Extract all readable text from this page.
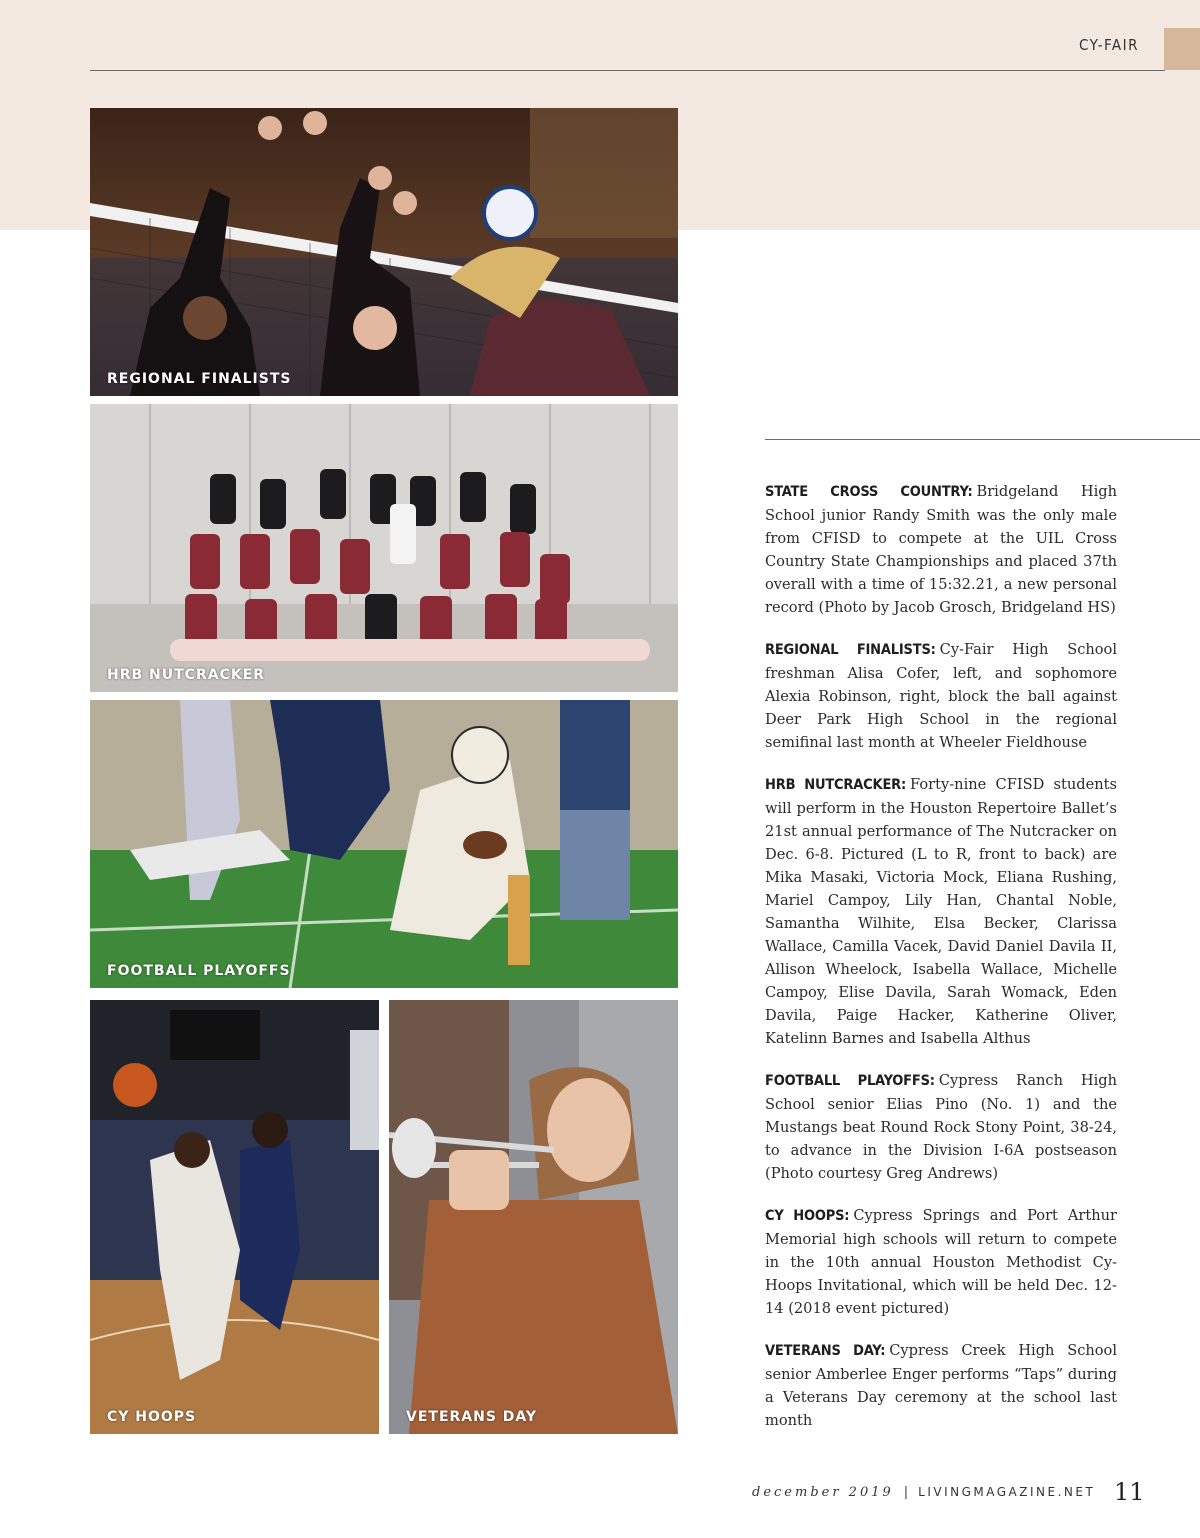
CY-FAIR
REGIONAL FINALISTS
HRB NUTCRACKER
FOOTBALL PLAYOFFS
CY HOOPS	VETERANS DAY

STATE CROSS COUNTRY: Bridgeland High School junior Randy Smith was the only male from CFISD to compete at the UIL Cross Country State Championships and placed 37th overall with a time of 15:32.21, a new personal record (Photo by Jacob Grosch, Bridgeland HS)

REGIONAL FINALISTS: Cy-Fair High School freshman Alisa Cofer, left, and sophomore Alexia Robinson, right, block the ball against Deer Park High School in the regional semifinal last month at Wheeler Fieldhouse

HRB NUTCRACKER: Forty-nine CFISD students will perform in the Houston Repertoire Ballet’s 21st annual performance of The Nutcracker on Dec. 6-8. Pictured (L to R, front to back) are Mika Masaki, Victoria Mock, Eliana Rushing, Mariel Campoy, Lily Han, Chantal Noble, Samantha Wilhite, Elsa Becker, Clarissa Wallace, Camilla Vacek, David Daniel Davila II, Allison Wheelock, Isabella Wallace, Michelle Campoy, Elise Davila, Sarah Womack, Eden Davila, Paige Hacker, Katherine Oliver, Katelinn Barnes and Isabella Althus

FOOTBALL PLAYOFFS: Cypress Ranch High School senior Elias Pino (No. 1) and the Mustangs beat Round Rock Stony Point, 38-24, to advance in the Division I-6A postseason (Photo courtesy Greg Andrews)

CY HOOPS: Cypress Springs and Port Arthur Memorial high schools will return to compete in the 10th annual Houston Methodist Cy-Hoops Invitational, which will be held Dec. 12-14 (2018 event pictured)

VETERANS DAY: Cypress Creek High School senior Amberlee Enger performs “Taps” during a Veterans Day ceremony at the school last month

december 2019 | LIVINGMAGAZINE.NET 11
